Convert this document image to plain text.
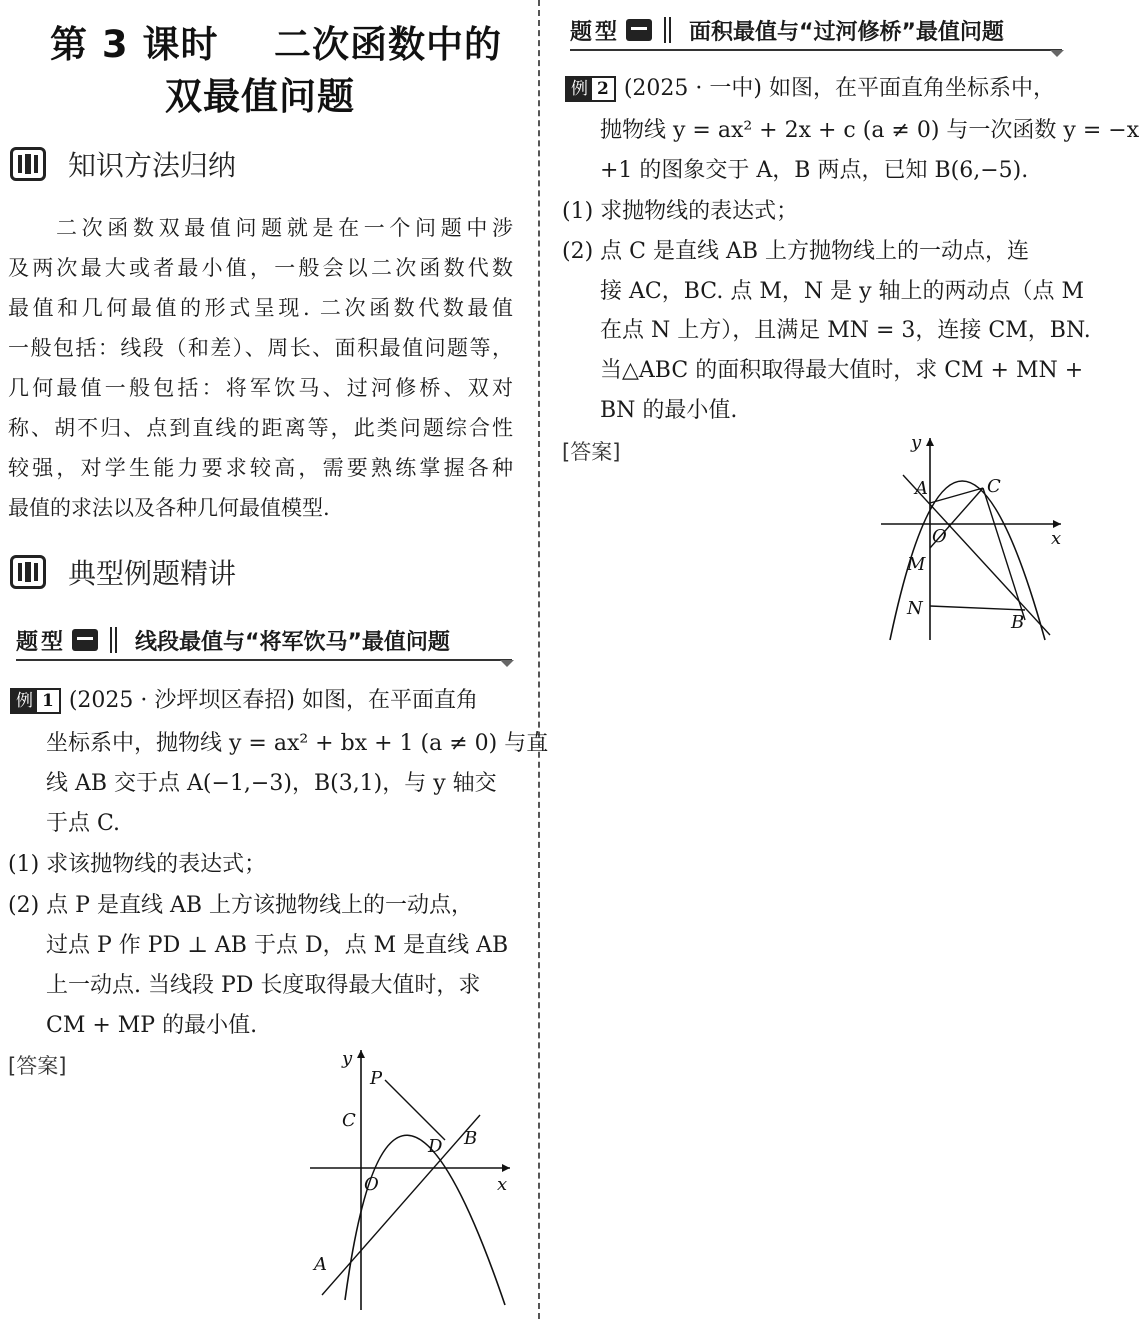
第 3 课时    二次函数中的
双最值问题
知识方法归纳
二次函数双最值问题就是在一个问题中涉
及两次最大或者最小值，一般会以二次函数代数
最值和几何最值的形式呈现. 二次函数代数最值
一般包括：线段（和差）、周长、面积最值问题等，
几何最值一般包括：将军饮马、过河修桥、双对
称、胡不归、点到直线的距离等，此类问题综合性
较强，对学生能力要求较高，需要熟练掌握各种
最值的求法以及各种几何最值模型.
典型例题精讲
题型	线段最值与“将军饮马”最值问题
例 1 (2025 · 沙坪坝区春招) 如图，在平面直角
坐标系中，抛物线 y = ax² + bx + 1 (a ≠ 0) 与直
线 AB 交于点 A(−1,−3)，B(3,1)，与 y 轴交
于点 C.
(1) 求该抛物线的表达式；
(2) 点 P 是直线 AB 上方该抛物线上的一动点，
过点 P 作 PD ⊥ AB 于点 D，点 M 是直线 AB
上一动点. 当线段 PD 长度取得最大值时，求
CM + MP 的最小值.
[答案]	y
x
O
P
C
D B
A
题型	面积最值与“过河修桥”最值问题
例 2 (2025 · 一中) 如图，在平面直角坐标系中，
抛物线 y = ax² + 2x + c (a ≠ 0) 与一次函数 y = −x
+1 的图象交于 A，B 两点，已知 B(6,−5).
(1) 求抛物线的表达式；
(2) 点 C 是直线 AB 上方抛物线上的一动点，连
接 AC，BC. 点 M，N 是 y 轴上的两动点（点 M
在点 N 上方），且满足 MN = 3，连接 CM，BN.
当△ABC 的面积取得最大值时，求 CM + MN +
BN 的最小值.
[答案]	y
x
O
A	C
M
N
B
